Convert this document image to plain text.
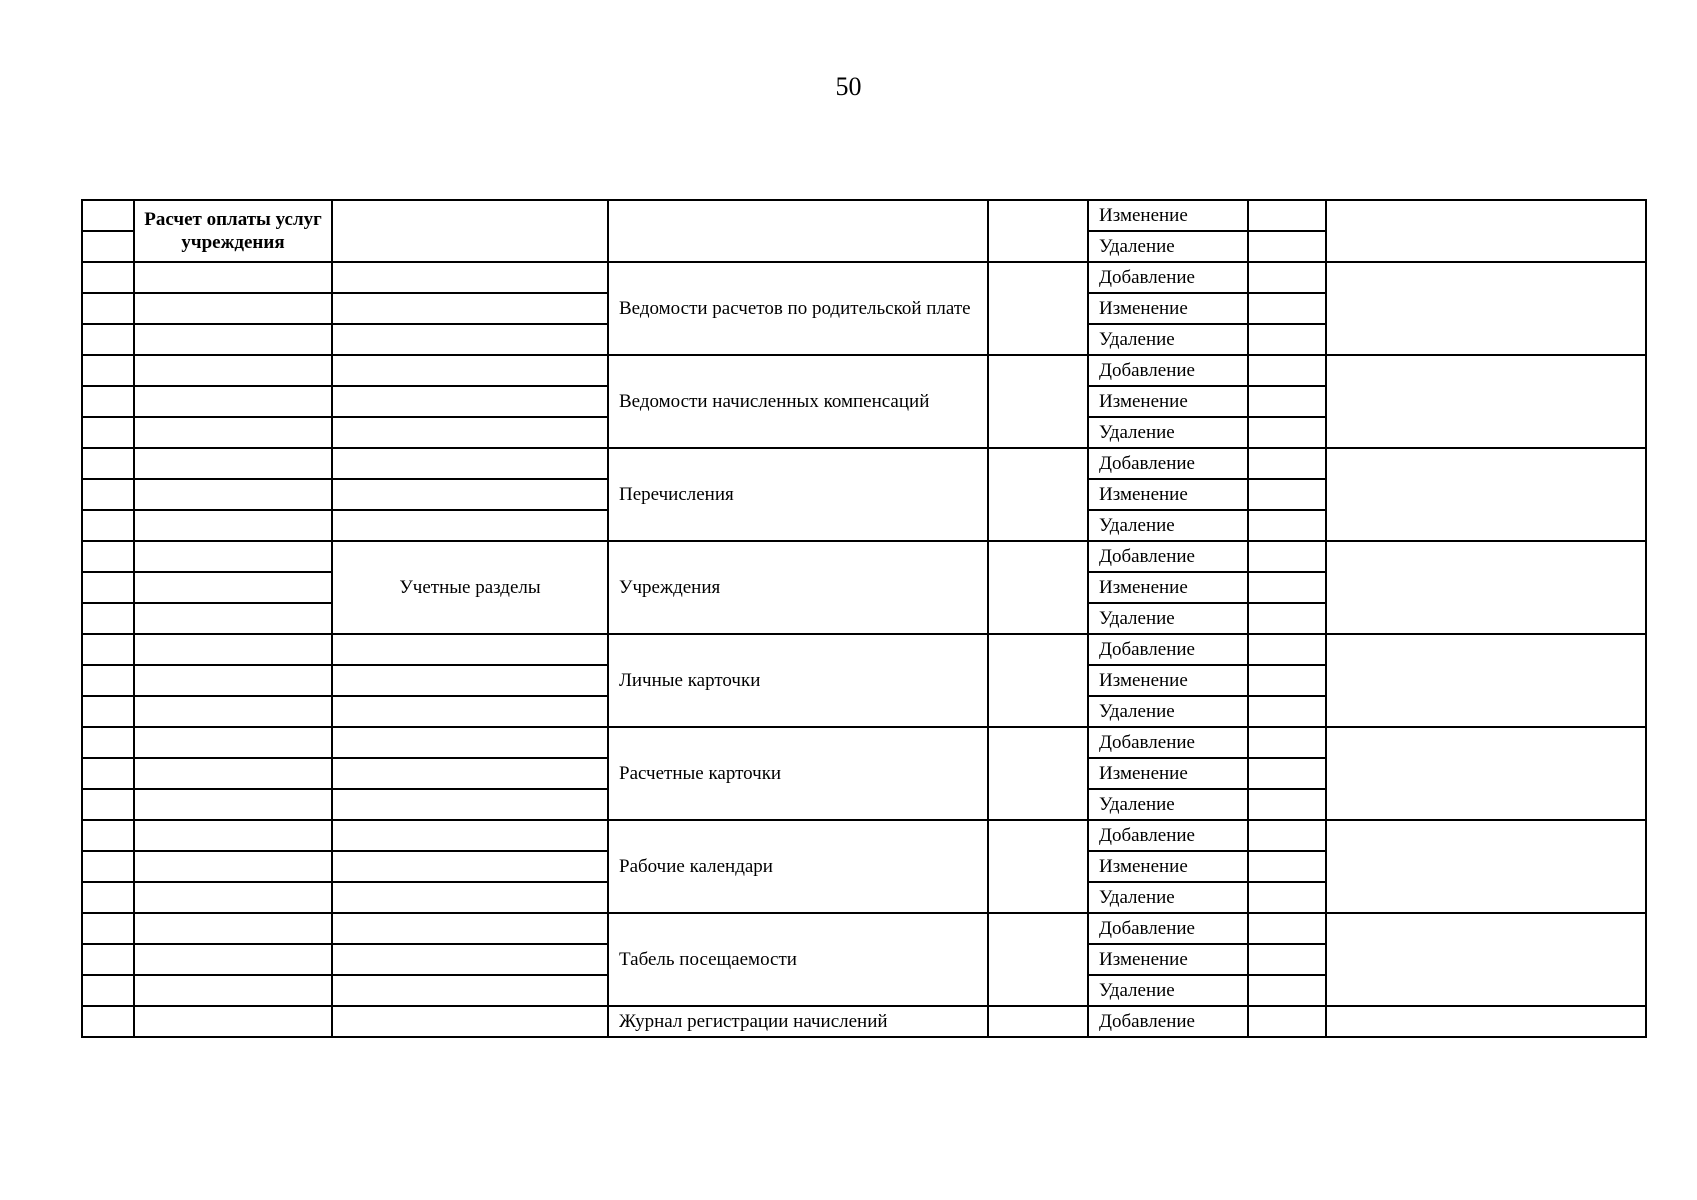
50
	Расчет оплаты услуг учреждения				Изменение		
					Удаление		
			Ведомости расчетов по родительской плате		Добавление		
					Изменение		
					Удаление		
			Ведомости начисленных компенсаций		Добавление		
					Изменение		
					Удаление		
			Перечисления		Добавление		
					Изменение		
					Удаление		
		Учетные разделы	Учреждения		Добавление		
					Изменение		
					Удаление		
			Личные карточки		Добавление		
					Изменение		
					Удаление		
			Расчетные карточки		Добавление		
					Изменение		
					Удаление		
			Рабочие календари		Добавление		
					Изменение		
					Удаление		
			Табель посещаемости		Добавление		
					Изменение		
					Удаление		
			Журнал регистрации начислений		Добавление		
